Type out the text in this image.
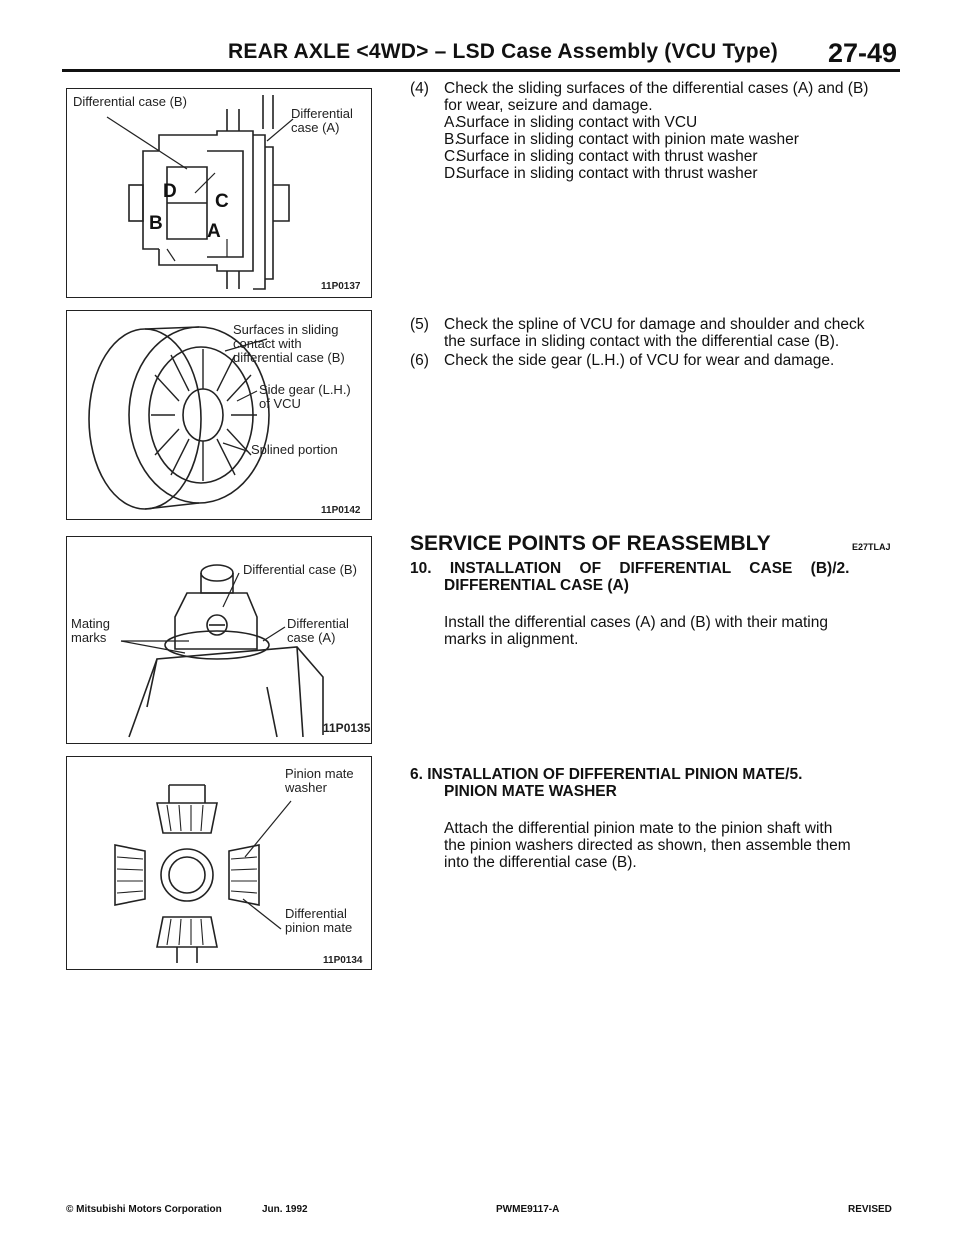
REAR AXLE <4WD> – LSD Case Assembly (VCU Type) 27-49
Differential case (B)
Differential
case (A)
D C
B A
11P0137
Surfaces in sliding
contact with
differential case (B)
Side gear (L.H.)
of VCU
Splined portion
11P0142
Differential case (B)
Mating
marks
Differential
case (A)
11P0135
Pinion mate
washer
Differential
pinion mate
11P0134
(4) Check the sliding surfaces of the differential cases (A) and (B)
for wear, seizure and damage.
A.
Surface in sliding contact with VCU
B.
Surface in sliding contact with pinion mate washer
C.
Surface in sliding contact with thrust washer
D.
Surface in sliding contact with thrust washer
(5) Check the spline of VCU for damage and shoulder and check
the surface in sliding contact with the differential case (B).
(6) Check the side gear (L.H.) of VCU for wear and damage.
SERVICE POINTS OF REASSEMBLY	E27TLAJ
10. INSTALLATION OF DIFFERENTIAL CASE (B)/2.
DIFFERENTIAL CASE (A)
Install the differential cases (A) and (B) with their mating
marks in alignment.
6. INSTALLATION OF DIFFERENTIAL PINION MATE/5.
PINION MATE WASHER
Attach the differential pinion mate to the pinion shaft with
the pinion washers directed as shown, then assemble them
into the differential case (B).
© Mitsubishi Motors Corporation	Jun. 1992	PWME9117-A	REVISED
